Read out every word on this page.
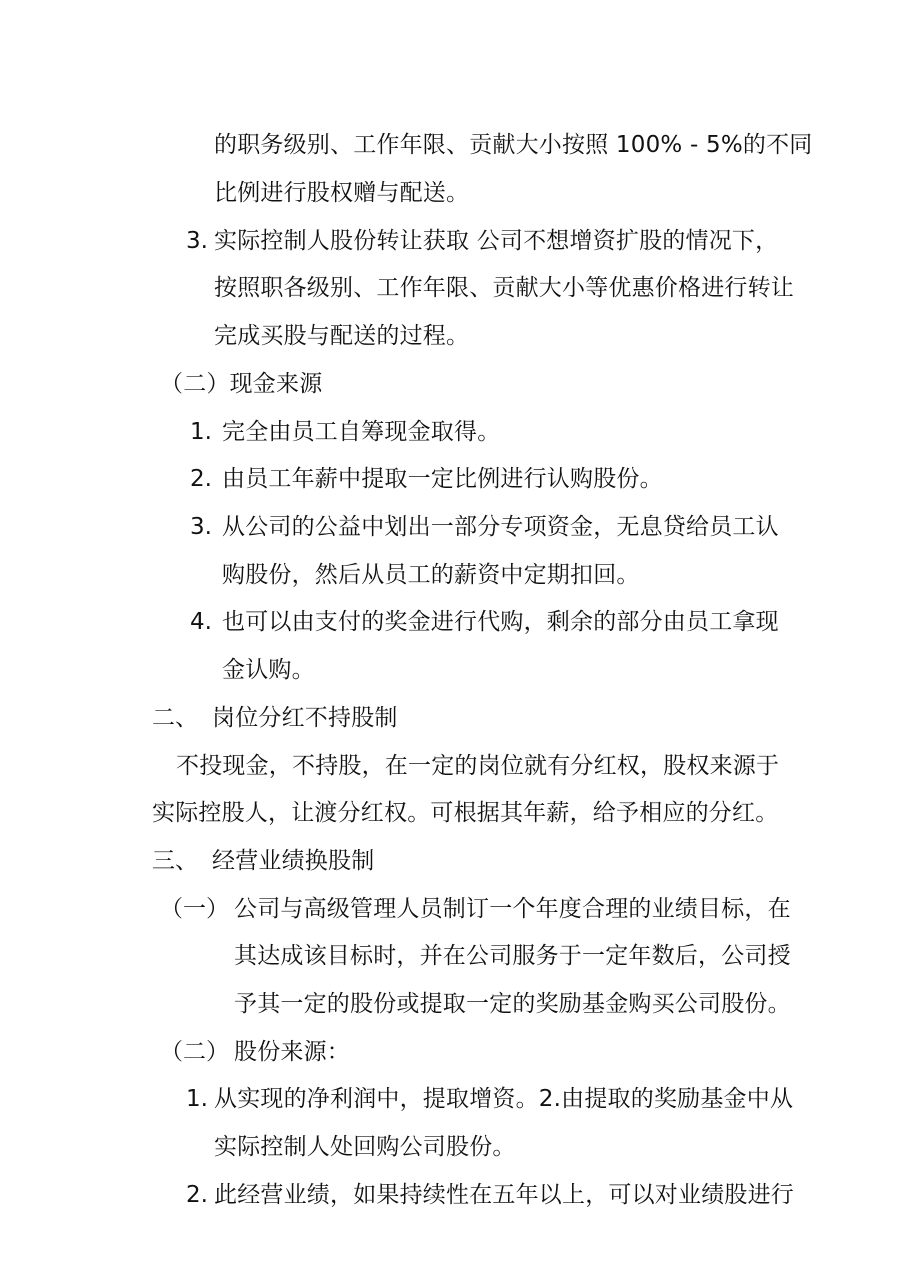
的职务级别、工作年限、贡献大小按照 100% - 5%的不同
比例进行股权赠与配送。
3. 实际控制人股份转让获取 公司不想增资扩股的情况下，
按照职各级别、工作年限、贡献大小等优惠价格进行转让
完成买股与配送的过程。
（二）现金来源
1. 完全由员工自筹现金取得。
2. 由员工年薪中提取一定比例进行认购股份。
3. 从公司的公益中划出一部分专项资金，无息贷给员工认
购股份，然后从员工的薪资中定期扣回。
4. 也可以由支付的奖金进行代购，剩余的部分由员工拿现
金认购。
二、 岗位分红不持股制
不投现金，不持股，在一定的岗位就有分红权，股权来源于
实际控股人，让渡分红权。可根据其年薪，给予相应的分红。
三、 经营业绩换股制
（一） 公司与高级管理人员制订一个年度合理的业绩目标，在
其达成该目标时，并在公司服务于一定年数后，公司授
予其一定的股份或提取一定的奖励基金购买公司股份。
（二） 股份来源：
1. 从实现的净利润中，提取增资。2.由提取的奖励基金中从
实际控制人处回购公司股份。
2. 此经营业绩，如果持续性在五年以上，可以对业绩股进行
